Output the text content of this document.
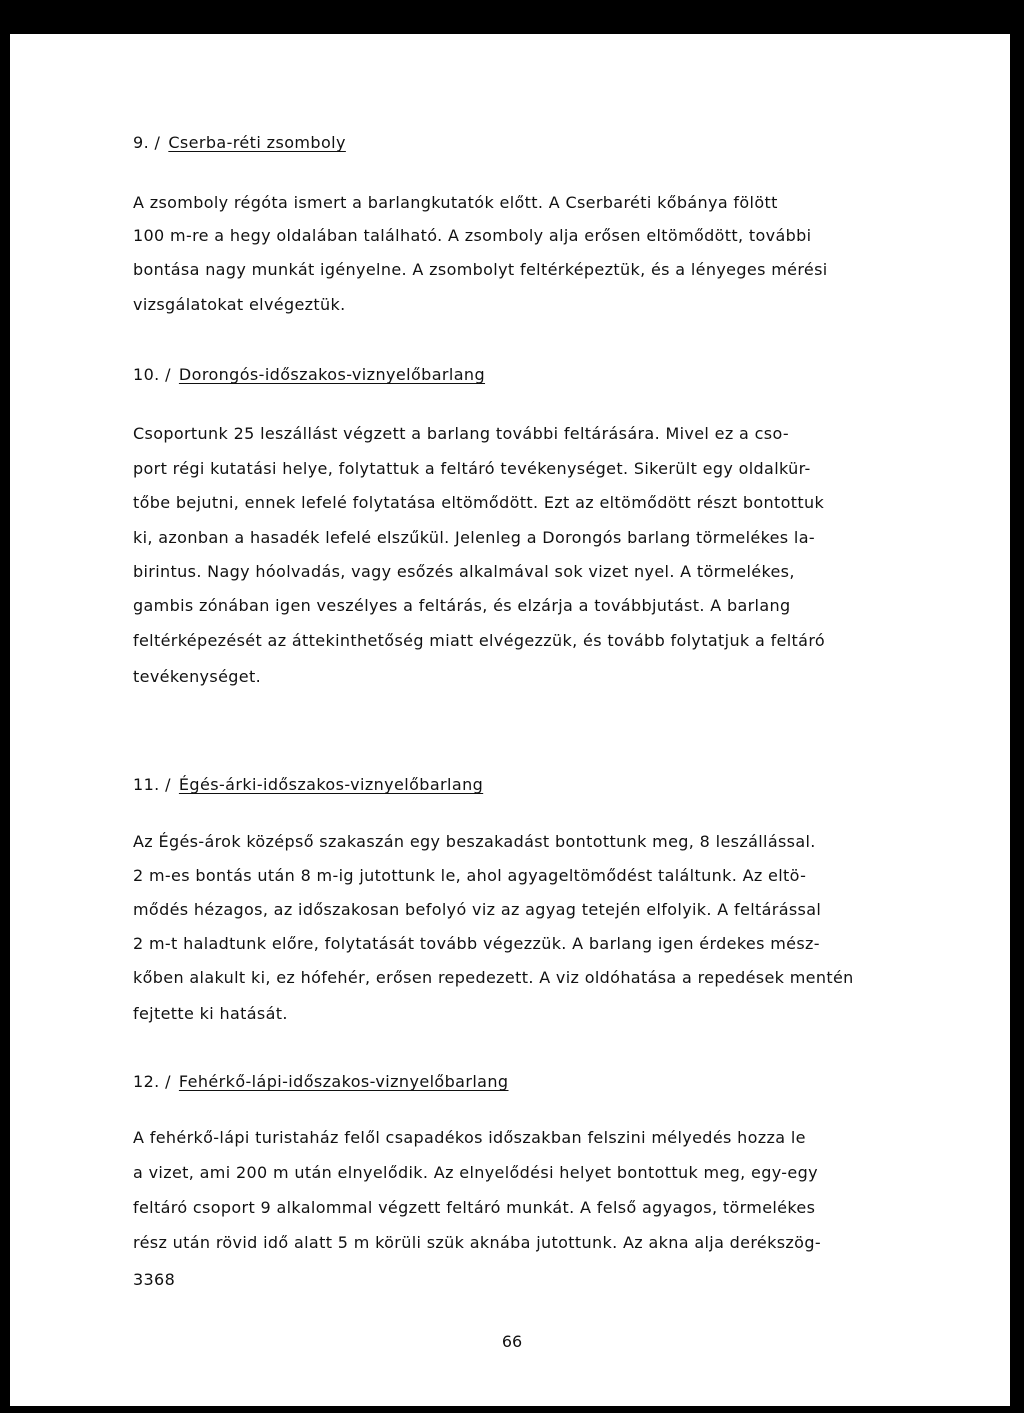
9. / Cserba-réti zsomboly
A zsomboly régóta ismert a barlangkutatók előtt. A Cserbaréti kőbánya fölött
100 m-re a hegy oldalában található. A zsomboly alja erősen eltömődött, további
bontása nagy munkát igényelne. A zsombolyt feltérképeztük, és a lényeges mérési
vizsgálatokat elvégeztük.
10. / Dorongós-időszakos-viznyelőbarlang
Csoportunk 25 leszállást végzett a barlang további feltárására. Mivel ez a cso-
port régi kutatási helye, folytattuk a feltáró tevékenységet. Sikerült egy oldalkür-
tőbe bejutni, ennek lefelé folytatása eltömődött. Ezt az eltömődött részt bontottuk
ki, azonban a hasadék lefelé elszűkül. Jelenleg a Dorongós barlang törmelékes la-
birintus. Nagy hóolvadás, vagy esőzés alkalmával sok vizet nyel. A törmelékes,
gambis zónában igen veszélyes a feltárás, és elzárja a továbbjutást. A barlang
feltérképezését az áttekinthetőség miatt elvégezzük, és tovább folytatjuk a feltáró
tevékenységet.
11. / Égés-árki-időszakos-viznyelőbarlang
Az Égés-árok középső szakaszán egy beszakadást bontottunk meg, 8 leszállással.
2 m-es bontás után 8 m-ig jutottunk le, ahol agyageltömődést találtunk. Az eltö-
mődés hézagos, az időszakosan befolyó viz az agyag tetején elfolyik. A feltárással
2 m-t haladtunk előre, folytatását tovább végezzük. A barlang igen érdekes mész-
kőben alakult ki, ez hófehér, erősen repedezett. A viz oldóhatása a repedések mentén
fejtette ki hatását.
12. / Fehérkő-lápi-időszakos-viznyelőbarlang
A fehérkő-lápi turistaház felől csapadékos időszakban felszini mélyedés hozza le
a vizet, ami 200 m után elnyelődik. Az elnyelődési helyet bontottuk meg, egy-egy
feltáró csoport 9 alkalommal végzett feltáró munkát. A felső agyagos, törmelékes
rész után rövid idő alatt 5 m körüli szük aknába jutottunk. Az akna alja derékszög-
3368
66
